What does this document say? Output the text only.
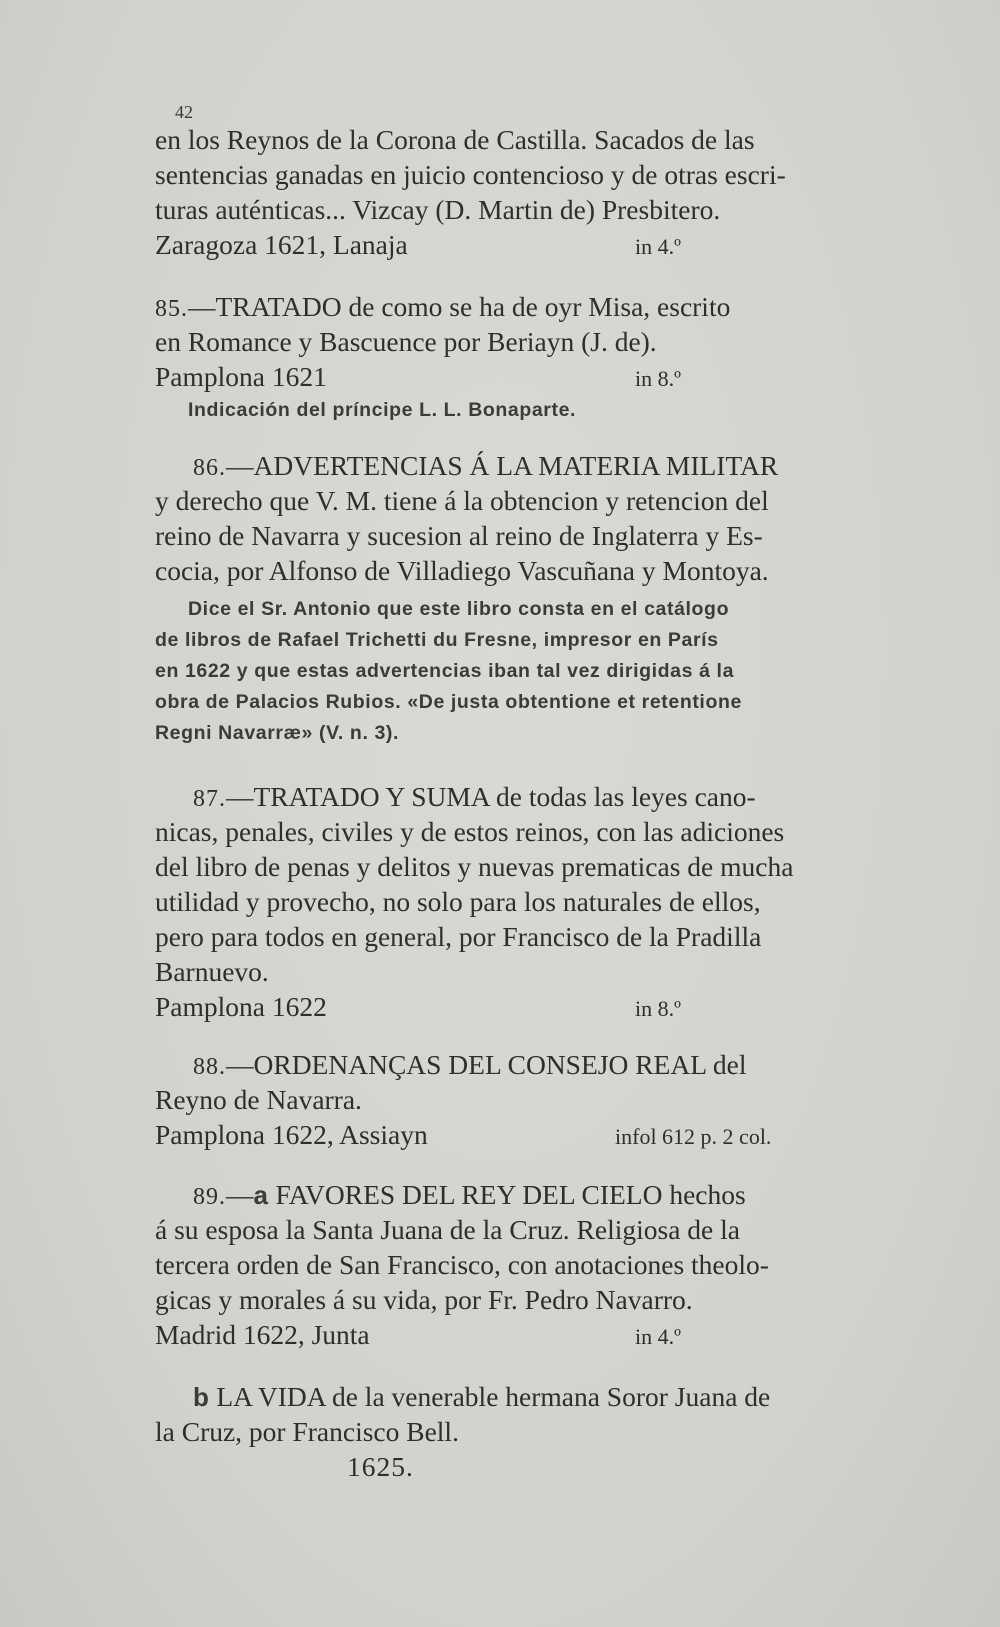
42
en los Reynos de la Corona de Castilla. Sacados de las
sentencias ganadas en juicio contencioso y de otras escri-
turas auténticas... Vizcay (D. Martin de) Presbitero.
Zaragoza 1621, Lanaja	in 4.º
85.—TRATADO de como se ha de oyr Misa, escrito
en Romance y Bascuence por Beriayn (J. de).
Pamplona 1621	in 8.º
Indicación del príncipe L. L. Bonaparte.
86.—ADVERTENCIAS Á LA MATERIA MILITAR
y derecho que V. M. tiene á la obtencion y retencion del
reino de Navarra y sucesion al reino de Inglaterra y Es-
cocia, por Alfonso de Villadiego Vascuñana y Montoya.
Dice el Sr. Antonio que este libro consta en el catálogo
de libros de Rafael Trichetti du Fresne, impresor en París
en 1622 y que estas advertencias iban tal vez dirigidas á la
obra de Palacios Rubios. «De justa obtentione et retentione
Regni Navarræ» (V. n. 3).
87.—TRATADO Y SUMA de todas las leyes cano-
nicas, penales, civiles y de estos reinos, con las adiciones
del libro de penas y delitos y nuevas prematicas de mucha
utilidad y provecho, no solo para los naturales de ellos,
pero para todos en general, por Francisco de la Pradilla
Barnuevo.
Pamplona 1622	in 8.º
88.—ORDENANÇAS DEL CONSEJO REAL del
Reyno de Navarra.
Pamplona 1622, Assiayn	infol 612 p. 2 col.
89.—a FAVORES DEL REY DEL CIELO hechos
á su esposa la Santa Juana de la Cruz. Religiosa de la
tercera orden de San Francisco, con anotaciones theolo-
gicas y morales á su vida, por Fr. Pedro Navarro.
Madrid 1622, Junta	in 4.º
b LA VIDA de la venerable hermana Soror Juana de
la Cruz, por Francisco Bell.
1625.
